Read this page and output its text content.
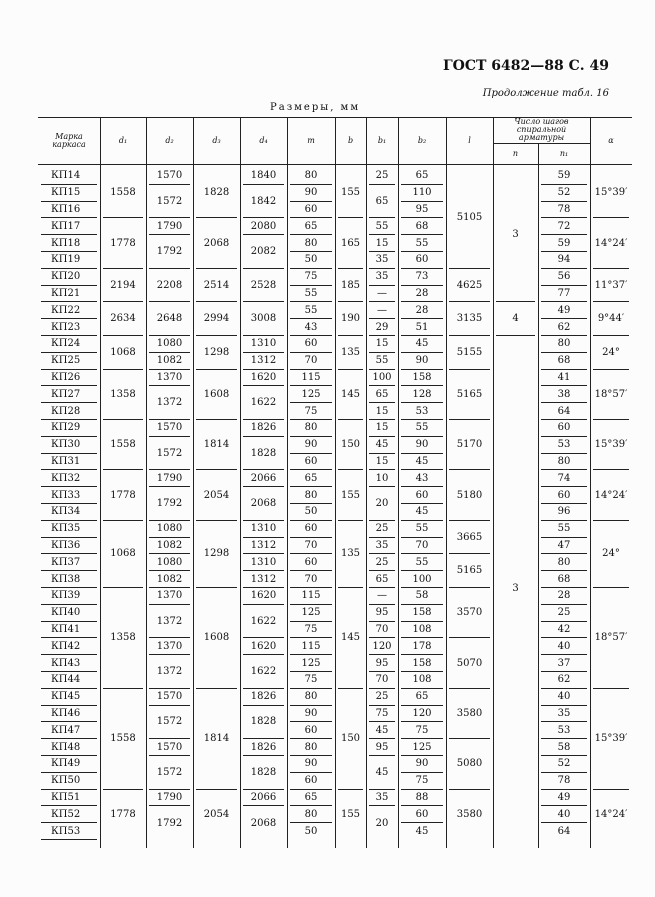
ГОСТ 6482—88 С. 49
Продолжение табл. 16
Размеры, мм
Число шагов спиральной арматуры
Марка каркаса
КП14
КП15
КП16
КП17
КП18
КП19
КП20
КП21
КП22
КП23
КП24
КП25
КП26
КП27
КП28
КП29
КП30
КП31
КП32
КП33
КП34
КП35
КП36
КП37
КП38
КП39
КП40
КП41
КП42
КП43
КП44
КП45
КП46
КП47
КП48
КП49
КП50
КП51
КП52
КП53
d₁
1558
1778
2194
2634
1068
1358
1558
1778
1068
1358
1558
1778
d₂
1570
1572
1790
1792
2208
2648
1080
1082
1370
1372
1570
1572
1790
1792
1080
1082
1080
1082
1370
1372
1370
1372
1570
1572
1570
1572
1790
1792
d₃
1828
2068
2514
2994
1298
1608
1814
2054
1298
1608
1814
2054
d₄
1840
1842
2080
2082
2528
3008
1310
1312
1620
1622
1826
1828
2066
2068
1310
1312
1310
1312
1620
1622
1620
1622
1826
1828
1826
1828
2066
2068
m
80
90
60
65
80
50
75
55
55
43
60
70
115
125
75
80
90
60
65
80
50
60
70
60
70
115
125
75
115
125
75
80
90
60
80
90
60
65
80
50
b
155
165
185
190
135
145
150
155
135
145
150
155
b₁
25
65
55
15
35
35
—
—
29
15
55
100
65
15
15
45
15
10
20
25
35
25
65
—
95
70
120
95
70
25
75
45
95
45
35
20
b₂
65
110
95
68
55
60
73
28
28
51
45
90
158
128
53
55
90
45
43
60
45
55
70
55
100
58
158
108
178
158
108
65
120
75
125
90
75
88
60
45
l
5105
4625
3135
5155
5165
5170
5180
3665
5165
3570
5070
3580
5080
3580
n
3
4
3
n₁
59
52
78
72
59
94
56
77
49
62
80
68
41
38
64
60
53
80
74
60
96
55
47
80
68
28
25
42
40
37
62
40
35
53
58
52
78
49
40
64
α
15°39′
14°24′
11°37′
9°44′
24°
18°57′
15°39′
14°24′
24°
18°57′
15°39′
14°24′
